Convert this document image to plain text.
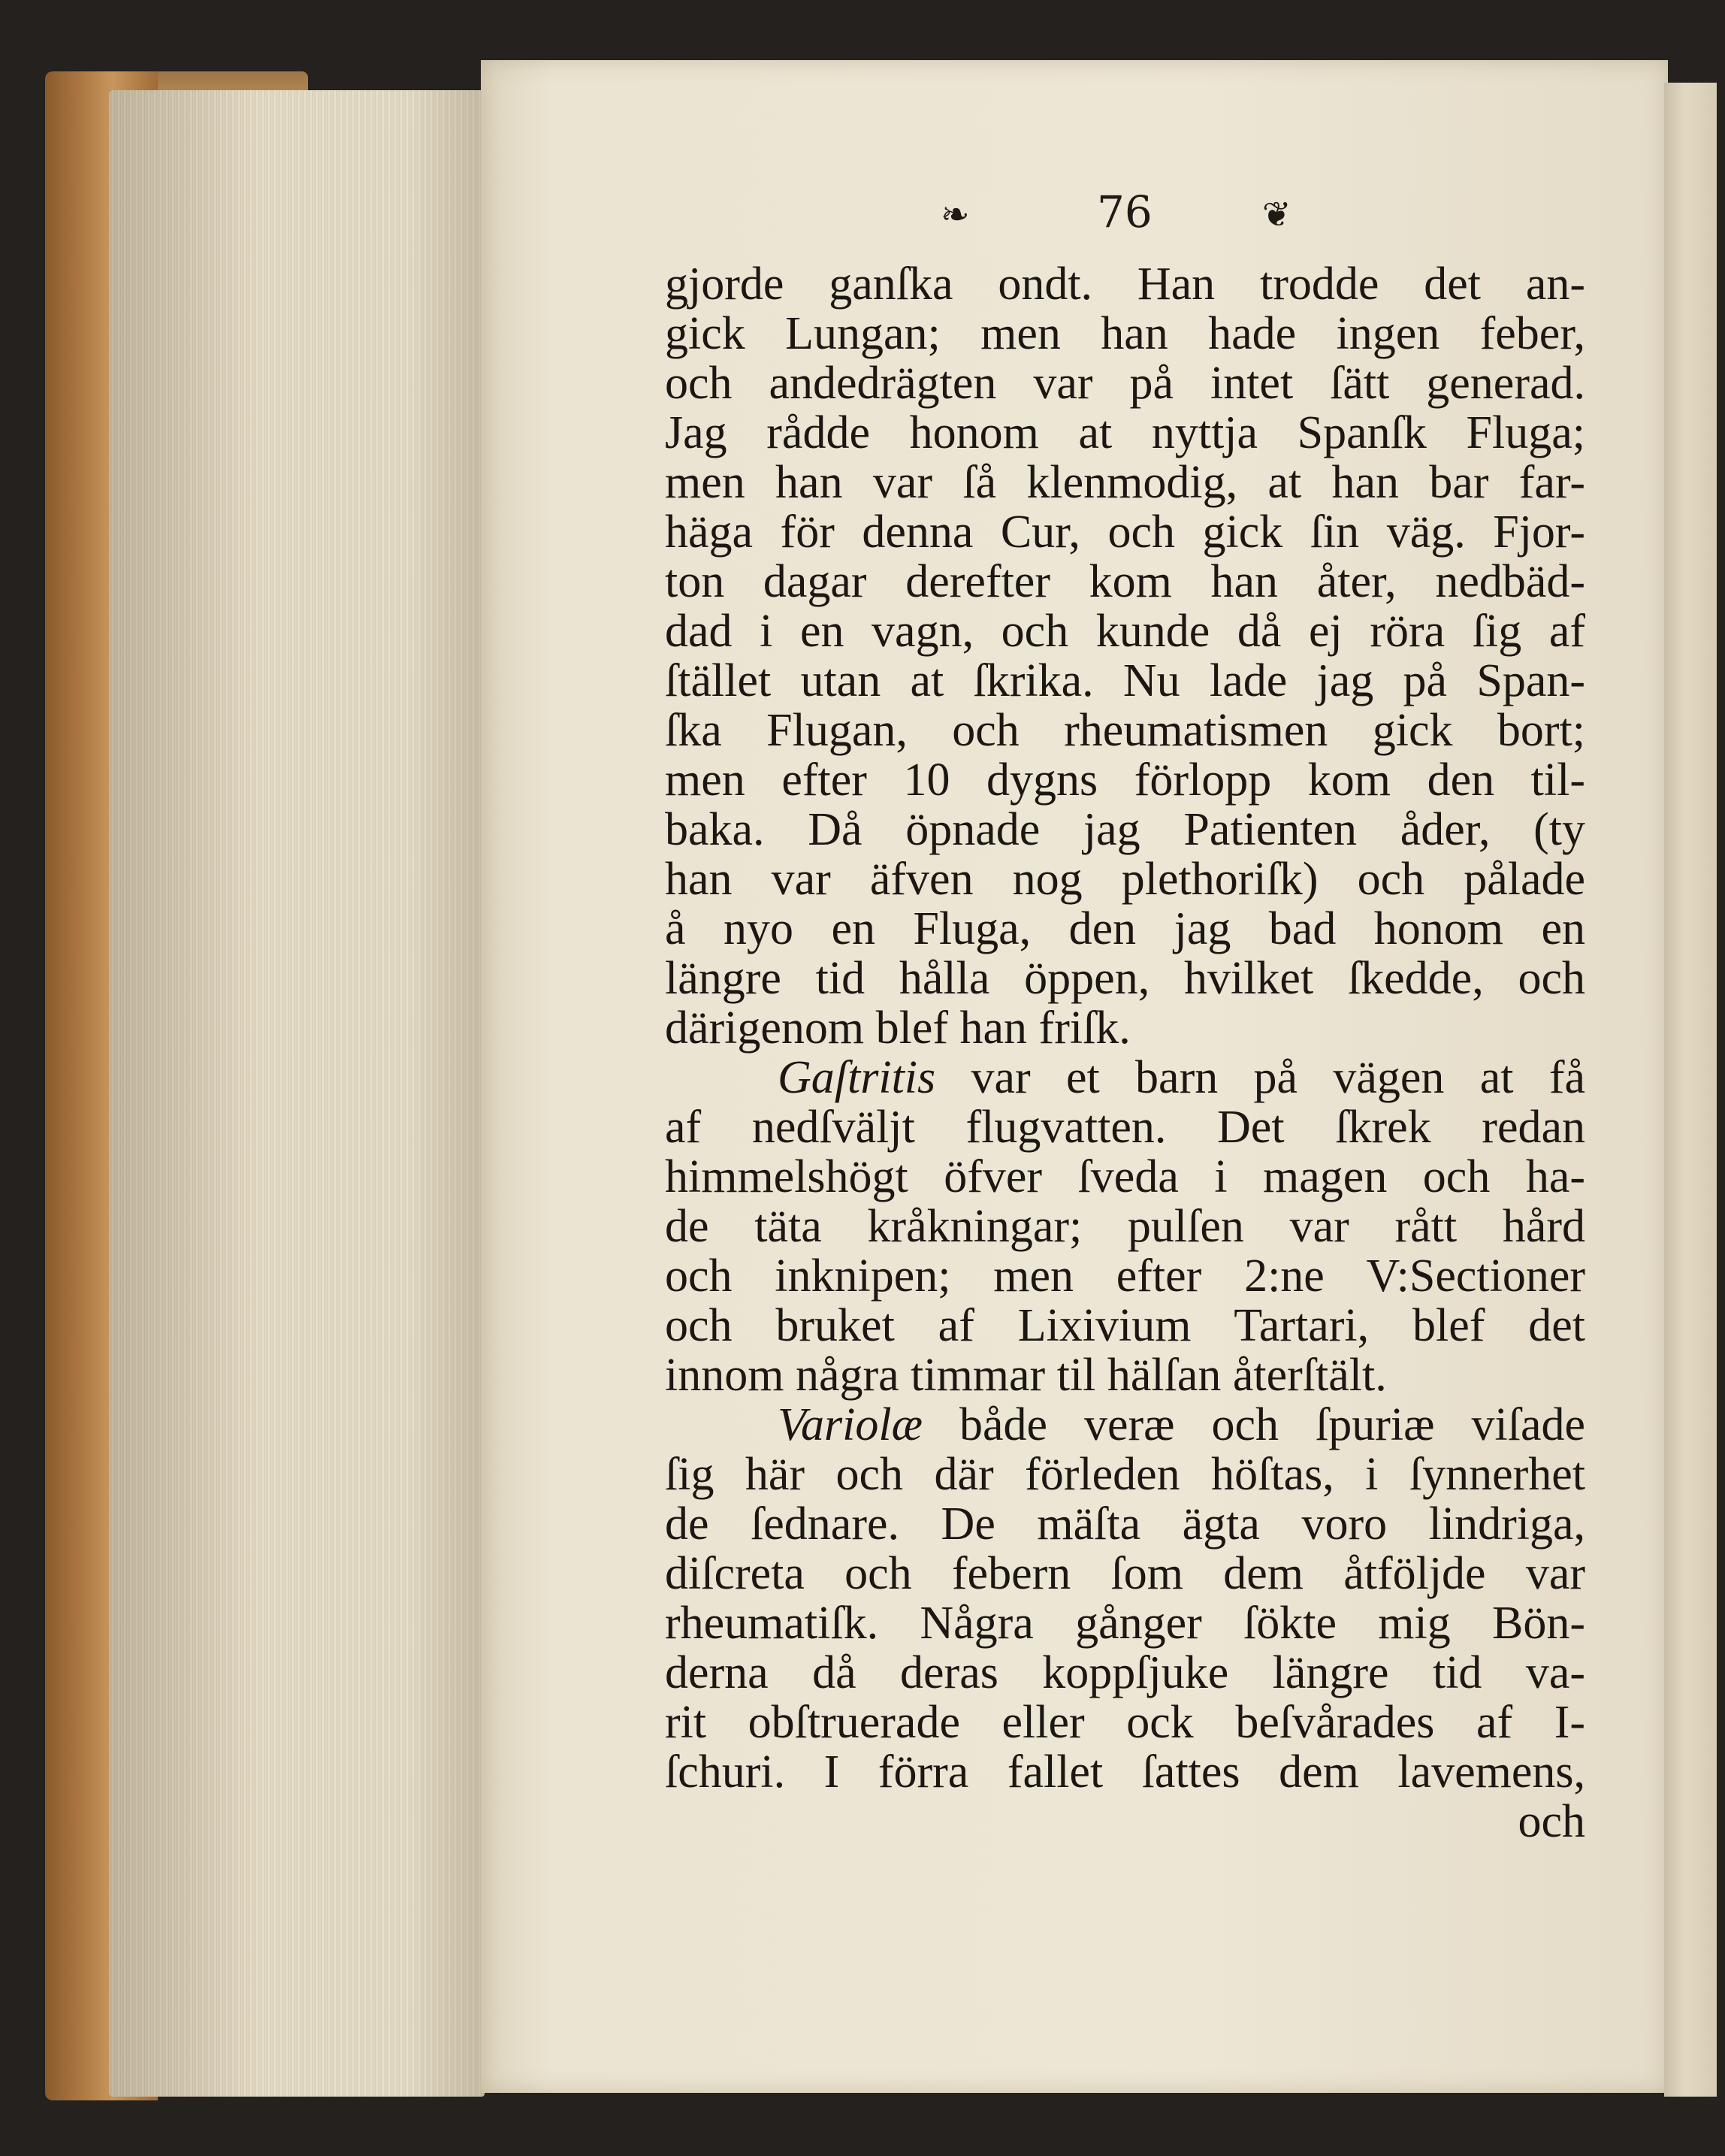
❧	76	❦
gjorde ganſka ondt. Han trodde det an-
gick Lungan; men han hade ingen feber,
och andedrägten var på intet ſätt generad.
Jag rådde honom at nyttja Spanſk Fluga;
men han var ſå klenmodig, at han bar far-
häga för denna Cur, och gick ſin väg. Fjor-
ton dagar derefter kom han åter, nedbäd-
dad i en vagn, och kunde då ej röra ſig af
ſtället utan at ſkrika. Nu lade jag på Span-
ſka Flugan, och rheumatismen gick bort;
men efter 10 dygns förlopp kom den til-
baka. Då öpnade jag Patienten åder, (ty
han var äfven nog plethoriſk) och pålade
å nyo en Fluga, den jag bad honom en
längre tid hålla öppen, hvilket ſkedde, och
därigenom blef han friſk.
Gaſtritis var et barn på vägen at få
af nedſväljt flugvatten. Det ſkrek redan
himmelshögt öfver ſveda i magen och ha-
de täta kråkningar; pulſen var rått hård
och inknipen; men efter 2:ne V:Sectioner
och bruket af Lixivium Tartari, blef det
innom några timmar til hälſan återſtält.
Variolæ både veræ och ſpuriæ viſade
ſig här och där förleden höſtas, i ſynnerhet
de ſednare. De mäſta ägta voro lindriga,
diſcreta och febern ſom dem åtföljde var
rheumatiſk. Några gånger ſökte mig Bön-
derna då deras koppſjuke längre tid va-
rit obſtruerade eller ock beſvårades af I-
ſchuri. I förra fallet ſattes dem lavemens,
och
